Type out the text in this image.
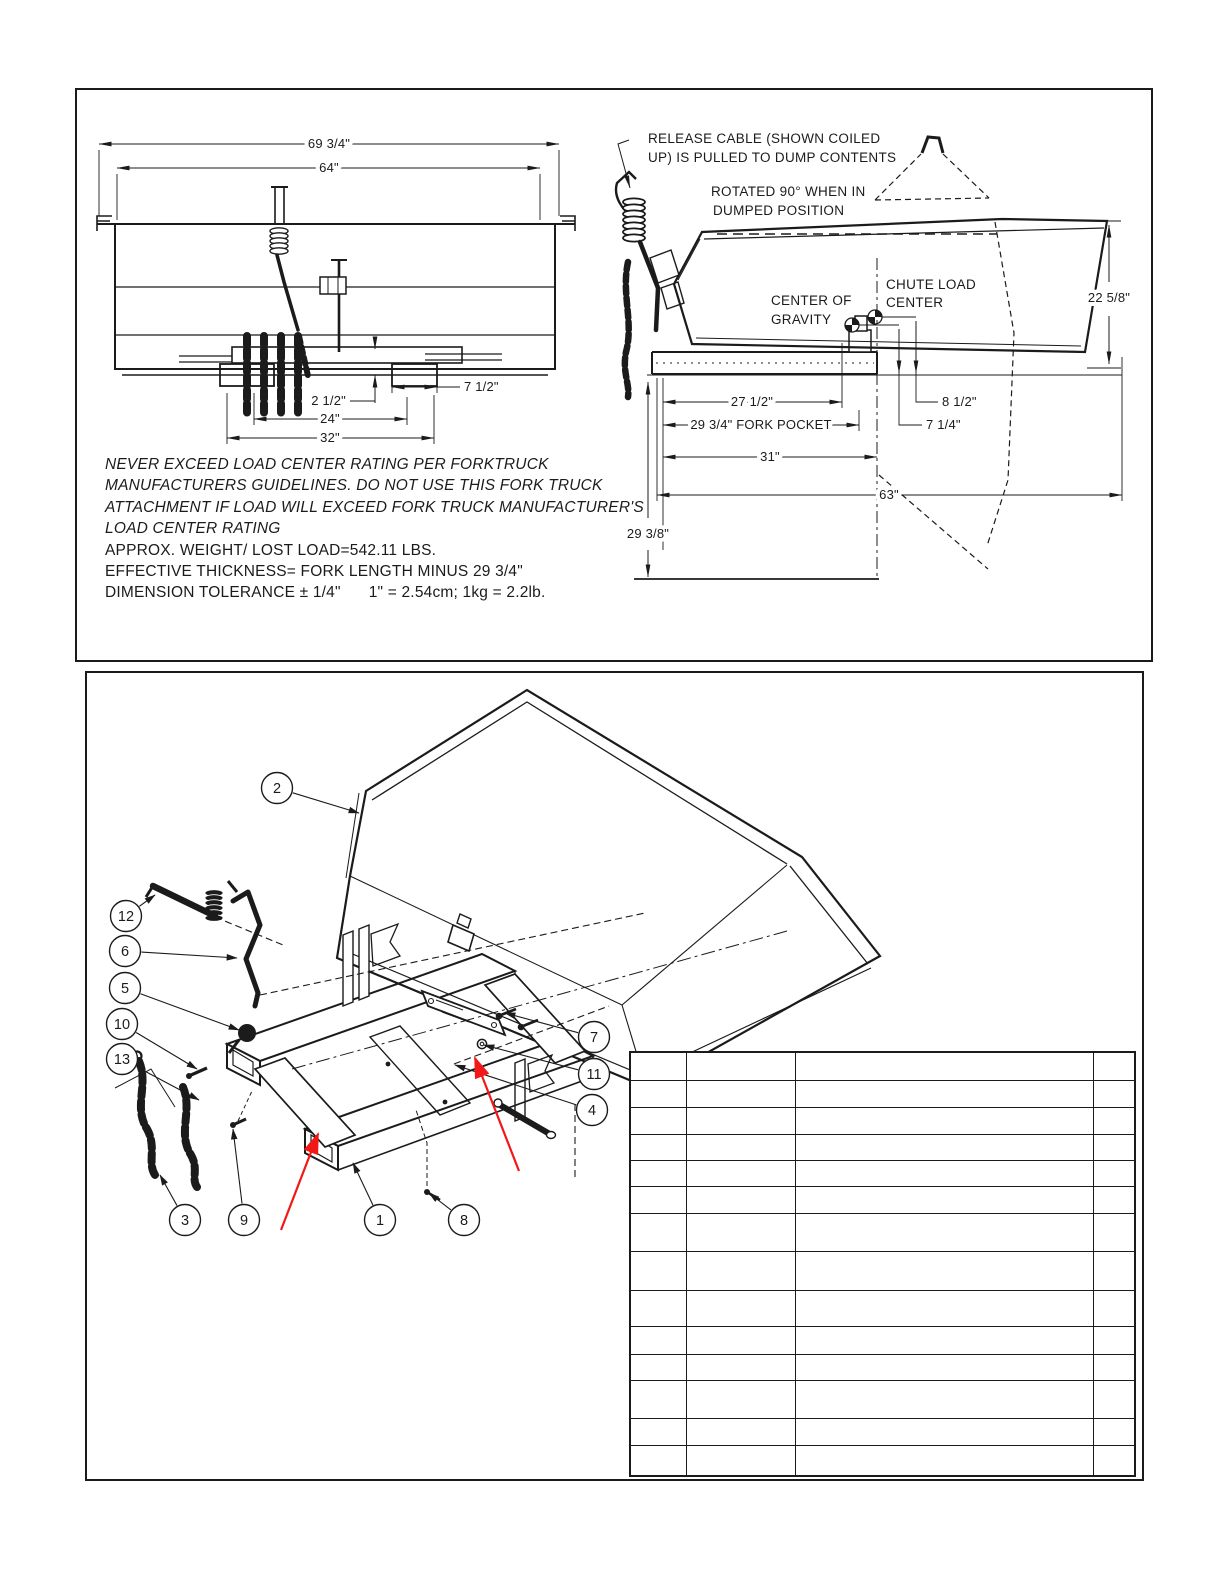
69 3/4"
64"
7 1/2"
2 1/2"
24"
32"
RELEASE CABLE (SHOWN COILED
UP) IS PULLED TO DUMP CONTENTS
ROTATED 90° WHEN IN
DUMPED POSITION
CHUTE LOAD
CENTER
CENTER OF
GRAVITY
22 5/8"
27 1/2"	8 1/2"
29 3/4" FORK POCKET	7 1/4"
31"
63"
29 3/8"

NEVER EXCEED LOAD CENTER RATING PER FORKTRUCK

MANUFACTURERS GUIDELINES. DO NOT USE THIS FORK TRUCK

ATTACHMENT IF LOAD WILL EXCEED FORK TRUCK MANUFACTURER'S

LOAD CENTER RATING

APPROX. WEIGHT/ LOST LOAD=542.11 LBS.

EFFECTIVE THICKNESS= FORK LENGTH MINUS 29 3/4"

DIMENSION TOLERANCE ± 1/4" 1" = 2.54cm; 1kg = 2.2lb.

2
12
6
5
10
13
3	9	1	8
7
11
4
